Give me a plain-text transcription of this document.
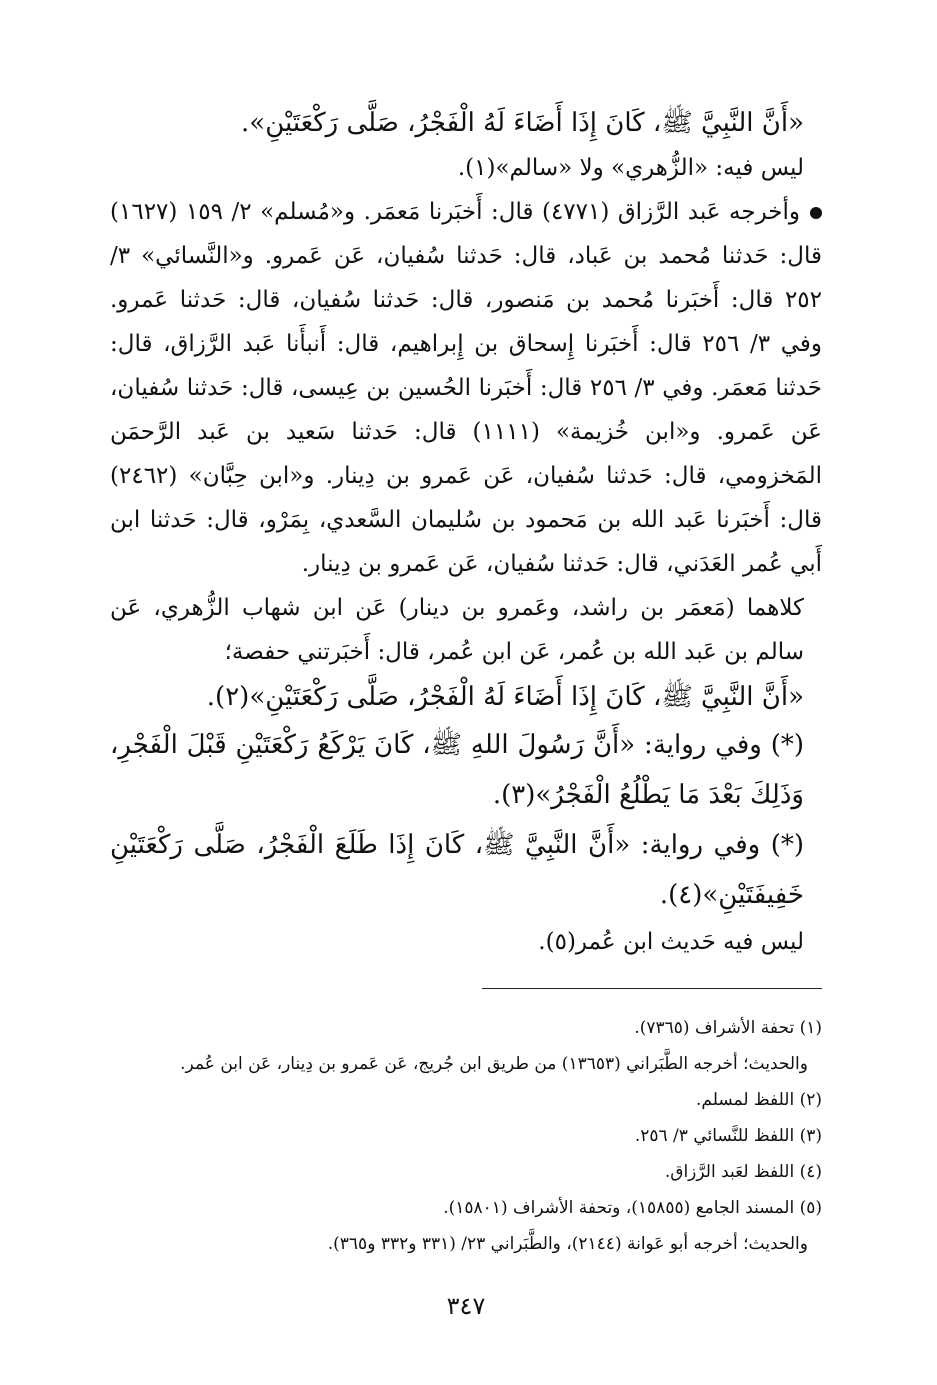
«أَنَّ النَّبِيَّ ﷺ، كَانَ إِذَا أَضَاءَ لَهُ الْفَجْرُ، صَلَّى رَكْعَتَيْنِ».

ليس فيه: «الزُّهري» ولا «سالم»(١).

وأخرجه عَبد الرَّزاق (٤٧٧١) قال: أَخبَرنا مَعمَر. و«مُسلم» ٢/ ١٥٩ (١٦٢٧) قال: حَدثنا مُحمد بن عَباد، قال: حَدثنا سُفيان، عَن عَمرو. و«النَّسائي» ٣/ ٢٥٢ قال: أَخبَرنا مُحمد بن مَنصور، قال: حَدثنا سُفيان، قال: حَدثنا عَمرو. وفي ٣/ ٢٥٦ قال: أَخبَرنا إِسحاق بن إِبراهيم، قال: أَنبأَنا عَبد الرَّزاق، قال: حَدثنا مَعمَر. وفي ٣/ ٢٥٦ قال: أَخبَرنا الحُسين بن عِيسى، قال: حَدثنا سُفيان، عَن عَمرو. و«ابن خُزيمة» (١١١١) قال: حَدثنا سَعيد بن عَبد الرَّحمَن المَخزومي، قال: حَدثنا سُفيان، عَن عَمرو بن دِينار. و«ابن حِبَّان» (٢٤٦٢) قال: أَخبَرنا عَبد الله بن مَحمود بن سُليمان السَّعدي، بِمَرْو، قال: حَدثنا ابن أَبي عُمر العَدَني، قال: حَدثنا سُفيان، عَن عَمرو بن دِينار.

كلاهما (مَعمَر بن راشد، وعَمرو بن دينار) عَن ابن شهاب الزُّهري، عَن سالم بن عَبد الله بن عُمر، عَن ابن عُمر، قال: أَخبَرتني حفصة؛

«أَنَّ النَّبِيَّ ﷺ، كَانَ إِذَا أَضَاءَ لَهُ الْفَجْرُ، صَلَّى رَكْعَتَيْنِ»(٢).

(*) وفي رواية: «أَنَّ رَسُولَ اللهِ ﷺ، كَانَ يَرْكَعُ رَكْعَتَيْنِ قَبْلَ الْفَجْرِ، وَذَلِكَ بَعْدَ مَا يَطْلُعُ الْفَجْرُ»(٣).

(*) وفي رواية: «أَنَّ النَّبِيَّ ﷺ، كَانَ إِذَا طَلَعَ الْفَجْرُ، صَلَّى رَكْعَتَيْنِ خَفِيفَتَيْنِ»(٤).

ليس فيه حَديث ابن عُمر(٥).

(١) تحفة الأشراف (٧٣٦٥).
والحديث؛ أخرجه الطَّبَراني (١٣٦٥٣) من طريق ابن جُريج، عَن عَمرو بن دِينار، عَن ابن عُمر.
(٢) اللفظ لمسلم.
(٣) اللفظ للنَّسائي ٣/ ٢٥٦.
(٤) اللفظ لعَبد الرَّزاق.
(٥) المسند الجامع (١٥٨٥٥)، وتحفة الأشراف (١٥٨٠١).
والحديث؛ أخرجه أبو عَوانة (٢١٤٤)، والطَّبَراني ٢٣/ (٣٣١ و٣٣٢ و٣٦٥).
٣٤٧
